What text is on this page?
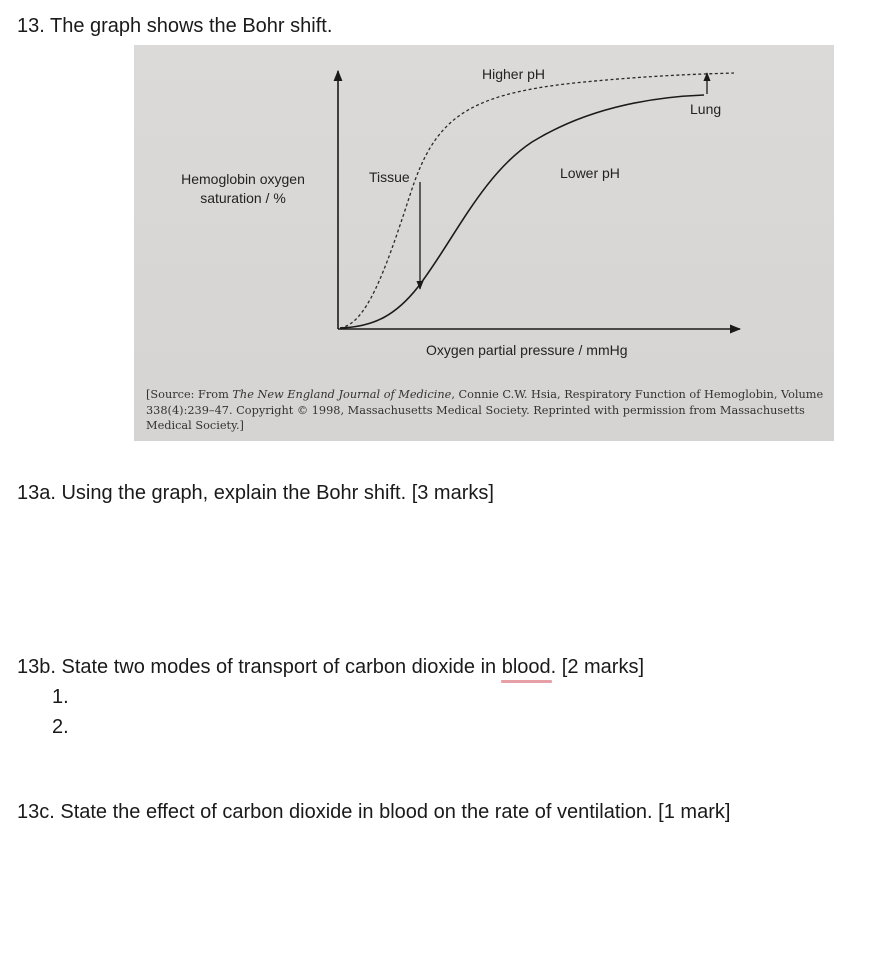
13. The graph shows the Bohr shift.
Hemoglobin oxygen
saturation / %
Higher pH
Lung
Tissue	Lower pH
Oxygen partial pressure / mmHg
[Source: From The New England Journal of Medicine, Connie C.W. Hsia, Respiratory Function of Hemoglobin, Volume 338(4):239–47. Copyright © 1998, Massachusetts Medical Society. Reprinted with permission from Massachusetts Medical Society.]
13a. Using the graph, explain the Bohr shift. [3 marks]
13b. State two modes of transport of carbon dioxide in blood. [2 marks]
1.
2.
13c. State the effect of carbon dioxide in blood on the rate of ventilation. [1 mark]
